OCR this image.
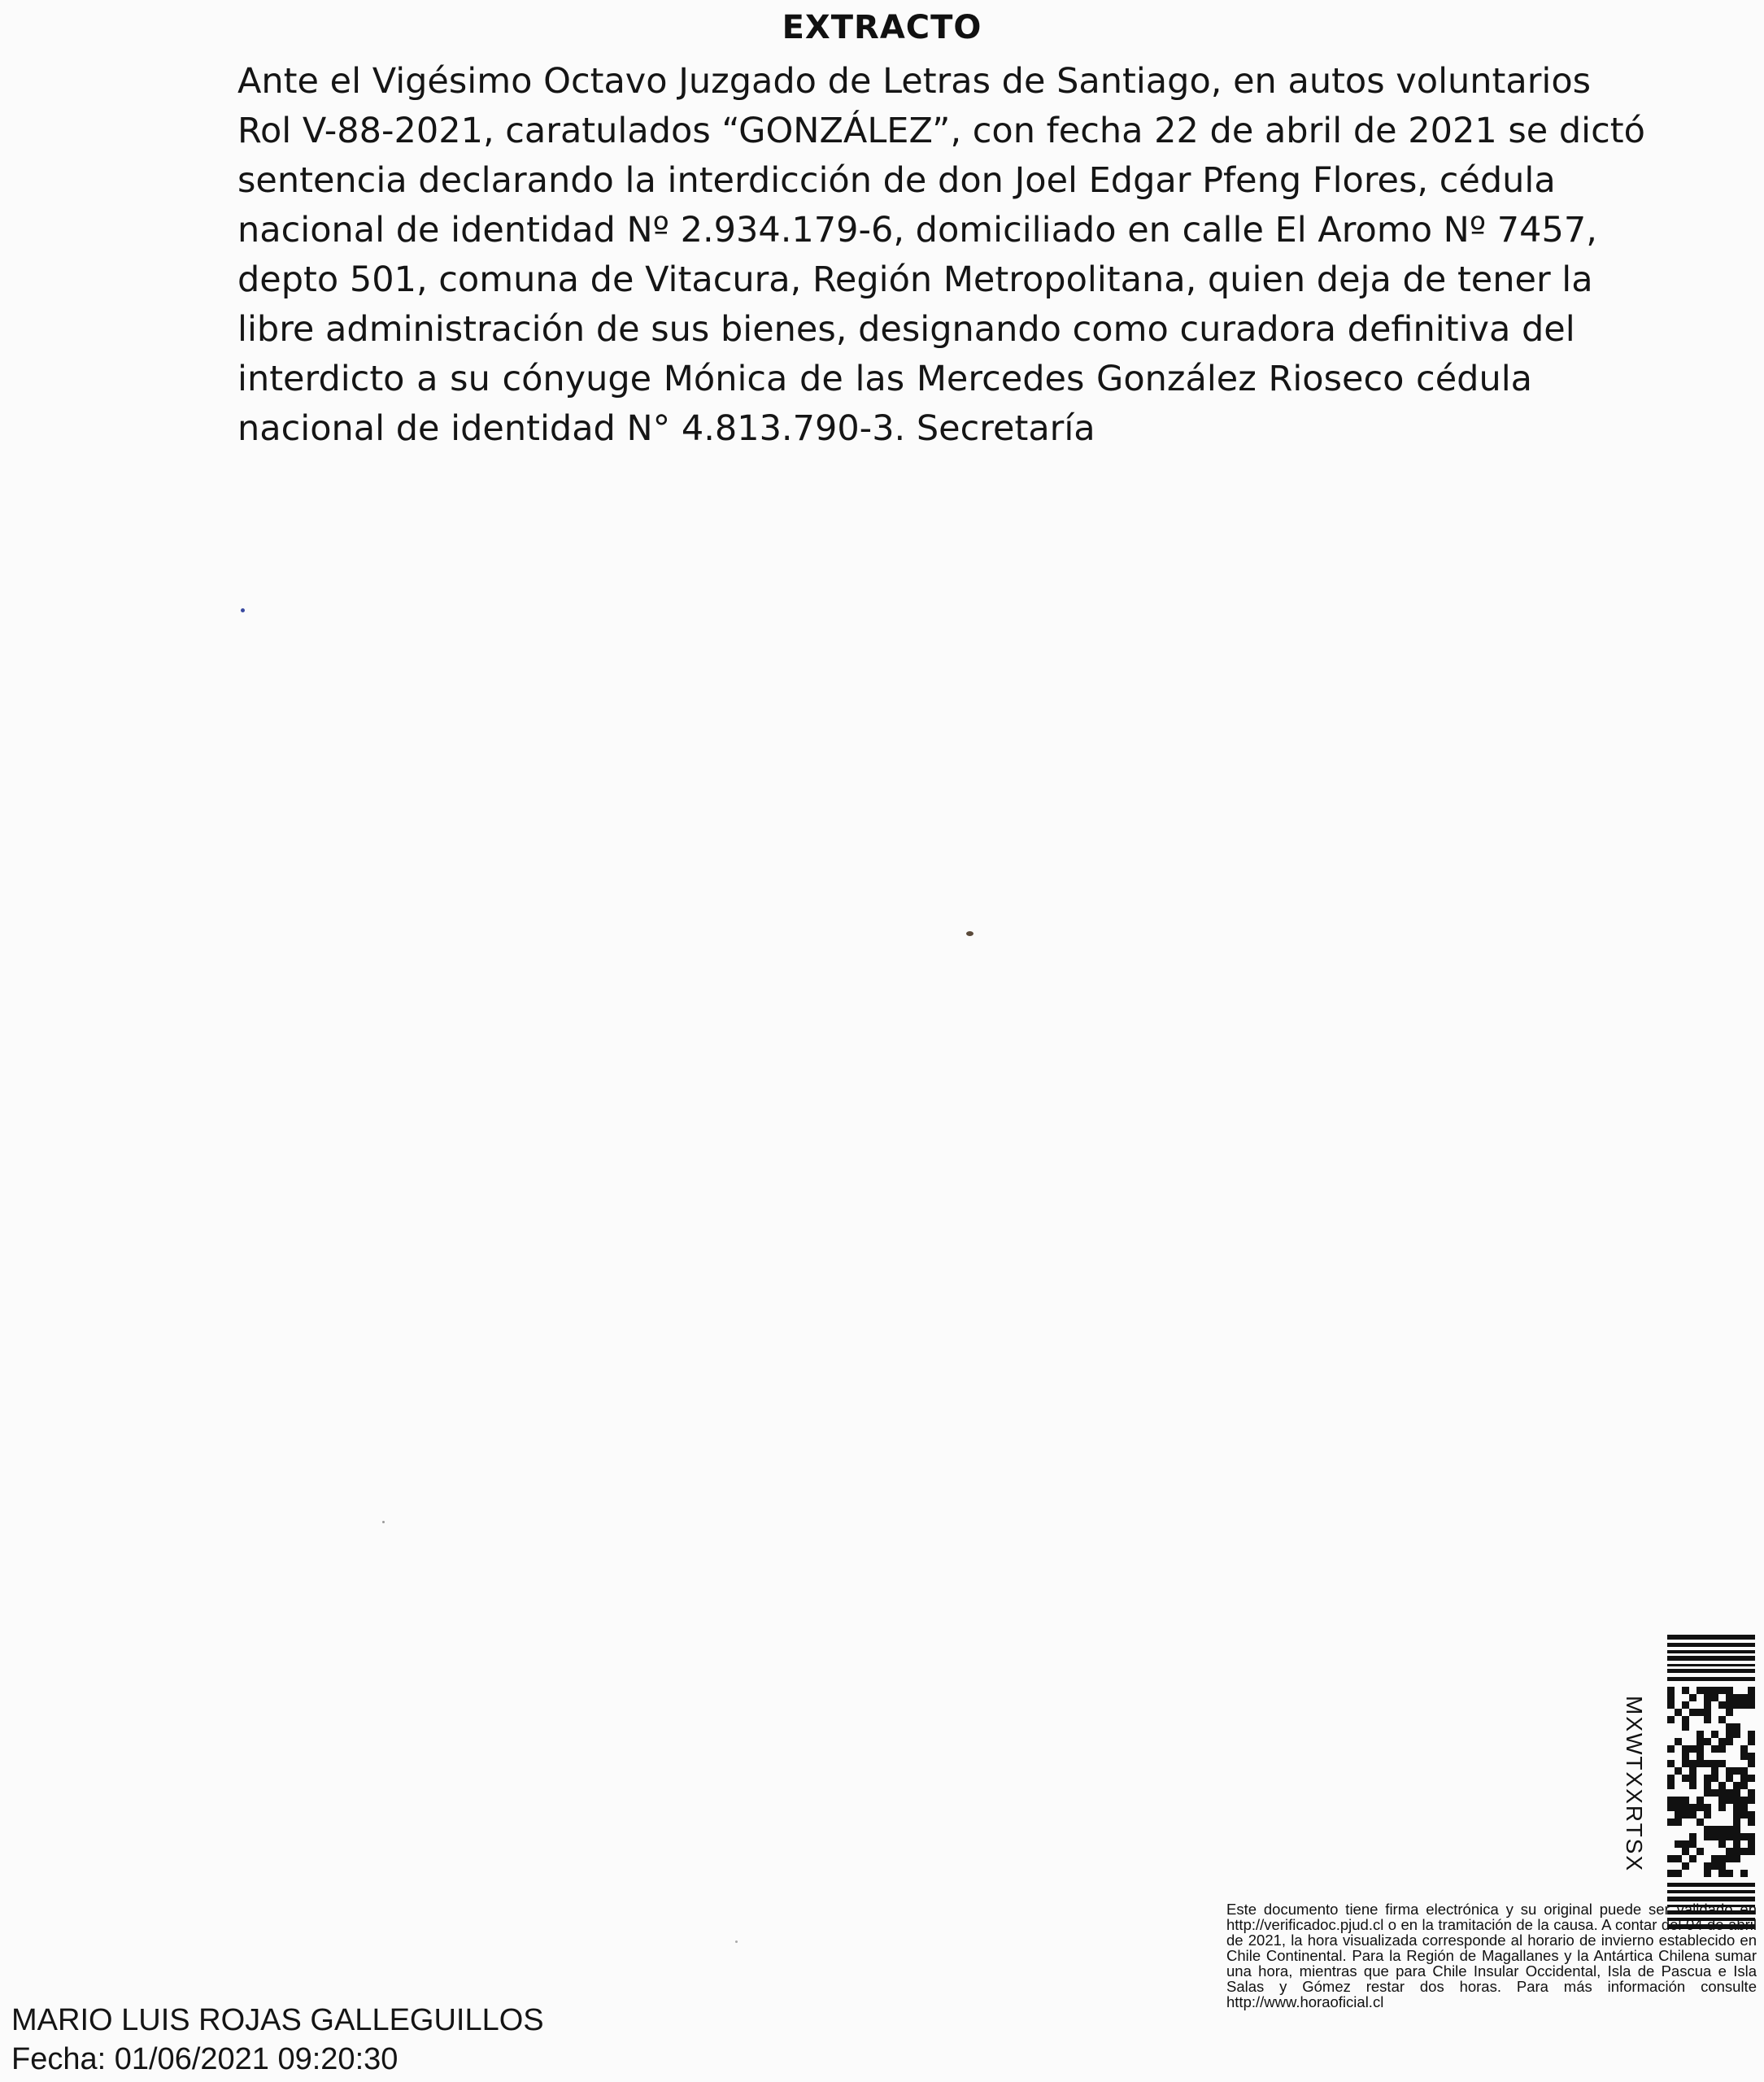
EXTRACTO
Ante el Vigésimo Octavo Juzgado de Letras de Santiago, en autos voluntarios
Rol V-88-2021, caratulados “GONZÁLEZ”, con fecha 22 de abril de 2021 se dictó
sentencia declarando la interdicción de don Joel Edgar Pfeng Flores, cédula
nacional de identidad Nº 2.934.179-6, domiciliado en calle El Aromo Nº 7457,
depto 501, comuna de Vitacura, Región Metropolitana, quien deja de tener la
libre administración de sus bienes, designando como curadora definitiva del
interdicto a su cónyuge Mónica de las Mercedes González Rioseco cédula
nacional de identidad N° 4.813.790-3. Secretaría
MXWTXXRTSX
Este documento tiene firma electrónica y su original puede ser validado en http://verificadoc.pjud.cl o en la tramitación de la causa. A contar del 04 de abril de 2021, la hora visualizada corresponde al horario de invierno establecido en Chile Continental. Para la Región de Magallanes y la Antártica Chilena sumar una hora, mientras que para Chile Insular Occidental, Isla de Pascua e Isla Salas y Gómez restar dos horas. Para más información consulte http://www.horaoficial.cl
MARIO LUIS ROJAS GALLEGUILLOS
Fecha: 01/06/2021 09:20:30
